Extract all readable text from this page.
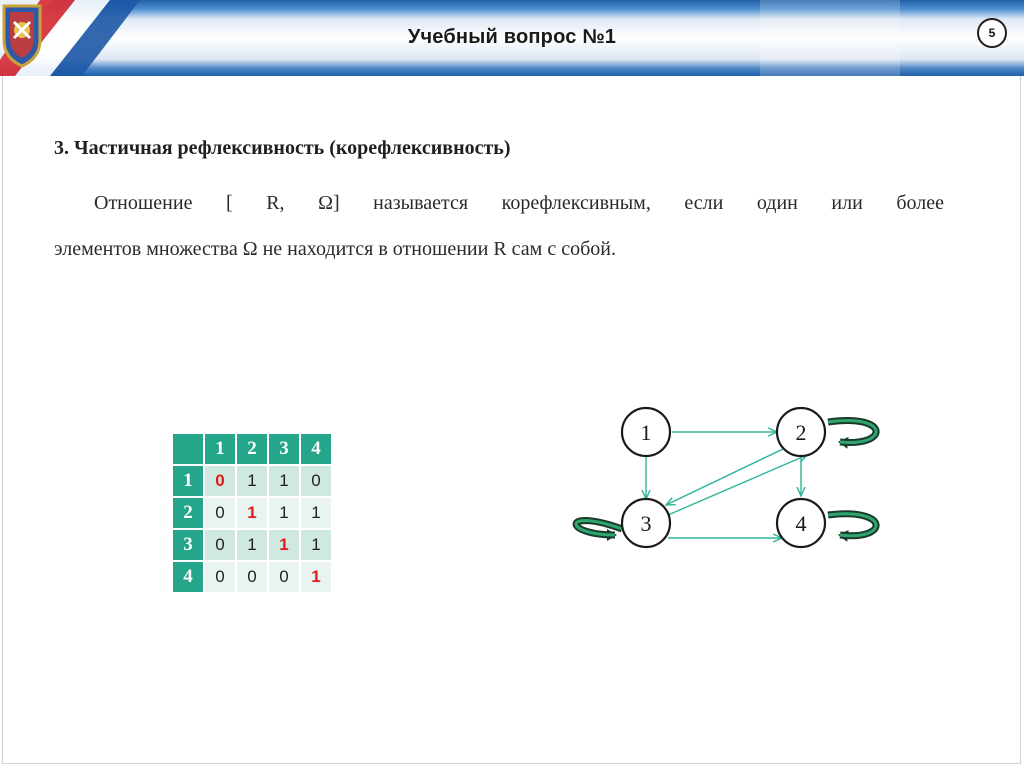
Учебный вопрос №1	5
3. Частичная рефлексивность (корефлексивность)
Отношение [ R, Ω] называется корефлексивным, если один или более
элементов множества Ω не находится в отношении R сам с собой.
	1	2	3	4
1	0	1	1	0
2	0	1	1	1
3	0	1	1	1
4	0	0	0	1
1	2
3	4
